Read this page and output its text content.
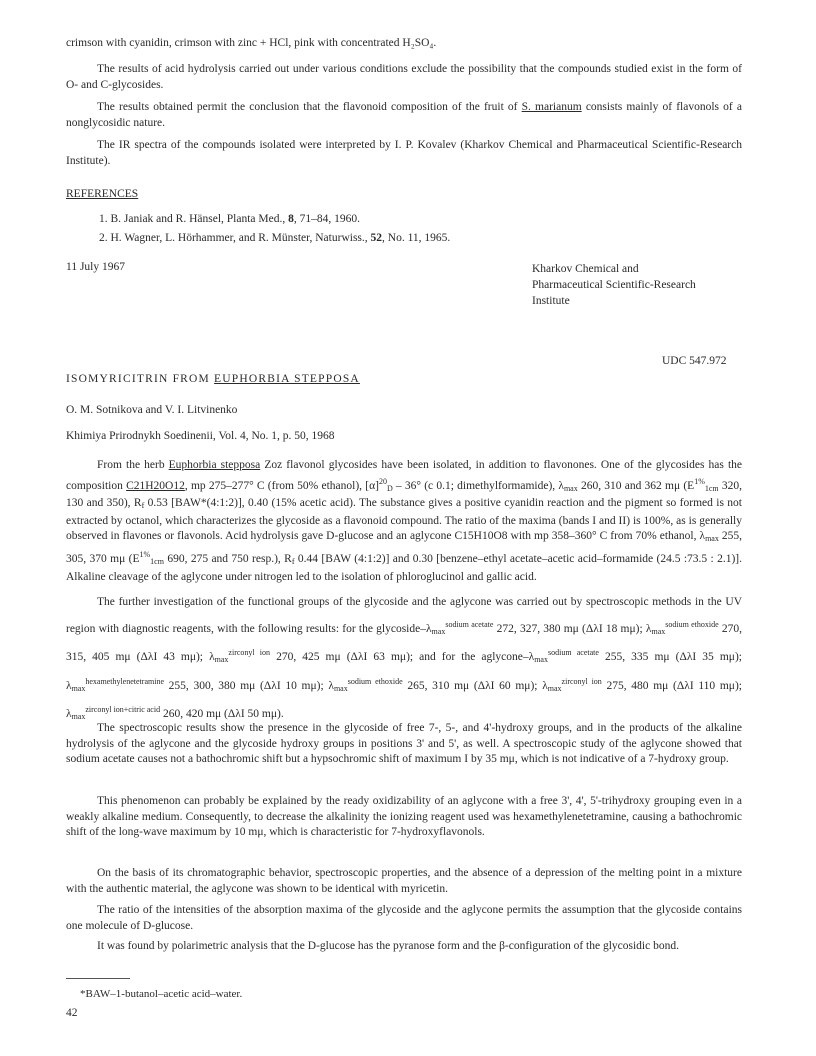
crimson with cyanidin, crimson with zinc + HCl, pink with concentrated H₂SO₄.

The results of acid hydrolysis carried out under various conditions exclude the possibility that the compounds studied exist in the form of O- and C-glycosides.

The results obtained permit the conclusion that the flavonoid composition of the fruit of S. marianum consists mainly of flavonols of a nonglycosidic nature.

The IR spectra of the compounds isolated were interpreted by I. P. Kovalev (Kharkov Chemical and Pharmaceutical Scientific-Research Institute).

REFERENCES

1. B. Janiak and R. Hänsel, Planta Med., 8, 71–84, 1960.
2. H. Wagner, L. Hörhammer, and R. Münster, Naturwiss., 52, No. 11, 1965.

11 July 1967	Kharkov Chemical and
Pharmaceutical Scientific-Research
Institute

UDC 547.972

ISOMYRICITRIN FROM EUPHORBIA STEPPOSA

O. M. Sotnikova and V. I. Litvinenko

Khimiya Prirodnykh Soedinenii, Vol. 4, No. 1, p. 50, 1968

From the herb Euphorbia stepposa Zoz flavonol glycosides have been isolated, in addition to flavonones. One of the glycosides has the composition C21H20O12, mp 275–277° C (from 50% ethanol), $[\alpha]^{20}_D - 36^\circ$ (c 0.1; dimethylformamide), $\lambda_{max}$ 260, 310 and 362 mμ ($E^{1\%}_{1cm}$ 320, 130 and 350), $R_f$ 0.53 [BAW*(4:1:2)], 0.40 (15% acetic acid). The substance gives a positive cyanidin reaction and the pigment so formed is not extracted by octanol, which characterizes the glycoside as a flavonoid compound. The ratio of the maxima (bands I and II) is 100%, as is generally observed in flavones or flavonols. Acid hydrolysis gave D-glucose and an aglycone C15H10O8 with mp 358–360° C from 70% ethanol, $\lambda_{max}$ 255, 305, 370 mμ ($E^{1\%}_{1cm}$ 690, 275 and 750 resp.), $R_f$ 0.44 [BAW (4:1:2)] and 0.30 [benzene–ethyl acetate–acetic acid–formamide (24.5 :73.5 : 2.1)]. Alkaline cleavage of the aglycone under nitrogen led to the isolation of phloroglucinol and gallic acid.

The further investigation of the functional groups of the glycoside and the aglycone was carried out by spectroscopic methods in the UV region with diagnostic reagents, with the following results: for the glycoside–$\lambda_{max}^{sodium acetate}$ 272, 327, 380 mμ (ΔλI 18 mμ); $\lambda_{max}^{sodium ethoxide}$ 270, 315, 405 mμ (ΔλI 43 mμ); $\lambda_{max}^{zirconyl ion}$ 270, 425 mμ (ΔλI 63 mμ); and for the aglycone–$\lambda_{max}^{sodium acetate}$ 255, 335 mμ (ΔλI 35 mμ); $\lambda_{max}^{hexamethylenetetramine}$ 255, 300, 380 mμ (ΔλI 10 mμ); $\lambda_{max}^{sodium ethoxide}$ 265, 310 mμ (ΔλI 60 mμ); $\lambda_{max}^{zirconyl ion}$ 275, 480 mμ (ΔλI 110 mμ); $\lambda_{max}^{zirconyl ion+citric acid}$ 260, 420 mμ (ΔλI 50 mμ).

The spectroscopic results show the presence in the glycoside of free 7-, 5-, and 4'-hydroxy groups, and in the products of the alkaline hydrolysis of the aglycone and the glycoside hydroxy groups in positions 3' and 5', as well. A spectroscopic study of the aglycone showed that sodium acetate causes not a bathochromic shift but a hypsochromic shift of maximum I by 35 mμ, which is not indicative of a 7-hydroxy group.

This phenomenon can probably be explained by the ready oxidizability of an aglycone with a free 3', 4', 5'-trihydroxy grouping even in a weakly alkaline medium. Consequently, to decrease the alkalinity the ionizing reagent used was hexamethylenetetramine, causing a bathochromic shift of the long-wave maximum by 10 mμ, which is characteristic for 7-hydroxyflavonols.

On the basis of its chromatographic behavior, spectroscopic properties, and the absence of a depression of the melting point in a mixture with the authentic material, the aglycone was shown to be identical with myricetin.

The ratio of the intensities of the absorption maxima of the glycoside and the aglycone permits the assumption that the glycoside contains one molecule of D-glucose.

It was found by polarimetric analysis that the D-glucose has the pyranose form and the β-configuration of the glycosidic bond.

*BAW–1-butanol–acetic acid–water.

42
